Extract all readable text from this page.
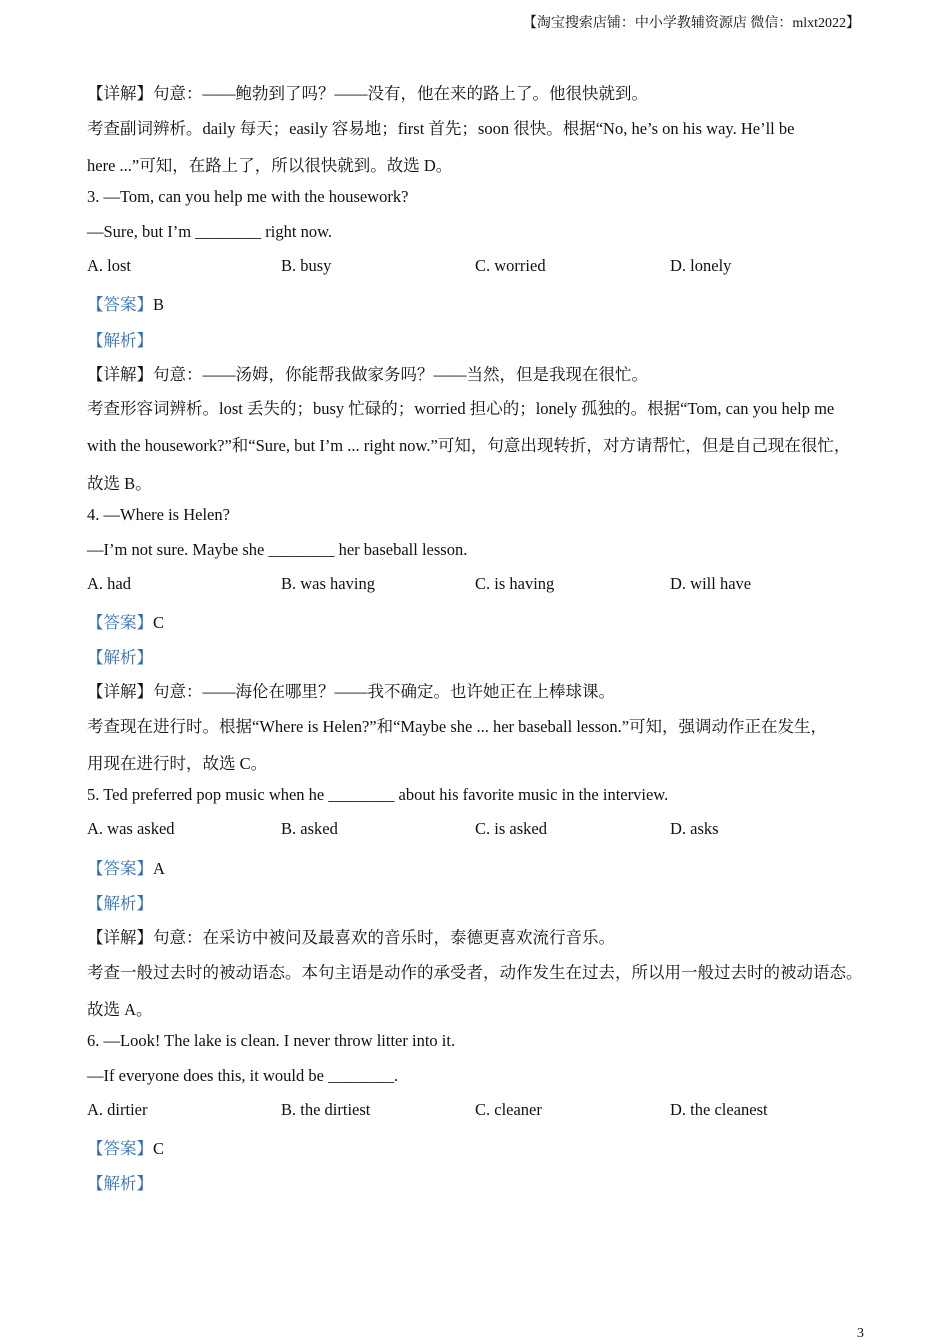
【淘宝搜索店铺：中小学教辅资源店 微信：mlxt2022】
【详解】句意：——鲍勃到了吗？——没有，他在来的路上了。他很快就到。
考查副词辨析。daily 每天；easily 容易地；first 首先；soon 很快。根据“No, he’s on his way. He’ll be
here ...”可知，在路上了，所以很快就到。故选 D。
3. —Tom, can you help me with the housework?
—Sure, but I’m ________ right now.
A. lost	B. busy	C. worried	D. lonely
【答案】B
【解析】
【详解】句意：——汤姆，你能帮我做家务吗？——当然，但是我现在很忙。
考查形容词辨析。lost 丢失的；busy 忙碌的；worried 担心的；lonely 孤独的。根据“Tom, can you help me
with the housework?”和“Sure, but I’m ... right now.”可知，句意出现转折，对方请帮忙，但是自己现在很忙，
故选 B。
4. —Where is Helen?
—I’m not sure. Maybe she ________ her baseball lesson.
A. had	B. was having	C. is having	D. will have
【答案】C
【解析】
【详解】句意：——海伦在哪里？——我不确定。也许她正在上棒球课。
考查现在进行时。根据“Where is Helen?”和“Maybe she ... her baseball lesson.”可知，强调动作正在发生，
用现在进行时，故选 C。
5. Ted preferred pop music when he ________ about his favorite music in the interview.
A. was asked	B. asked	C. is asked	D. asks
【答案】A
【解析】
【详解】句意：在采访中被问及最喜欢的音乐时，泰德更喜欢流行音乐。
考查一般过去时的被动语态。本句主语是动作的承受者，动作发生在过去，所以用一般过去时的被动语态。
故选 A。
6. —Look! The lake is clean. I never throw litter into it.
—If everyone does this, it would be ________.
A. dirtier	B. the dirtiest	C. cleaner	D. the cleanest
【答案】C
【解析】
3
